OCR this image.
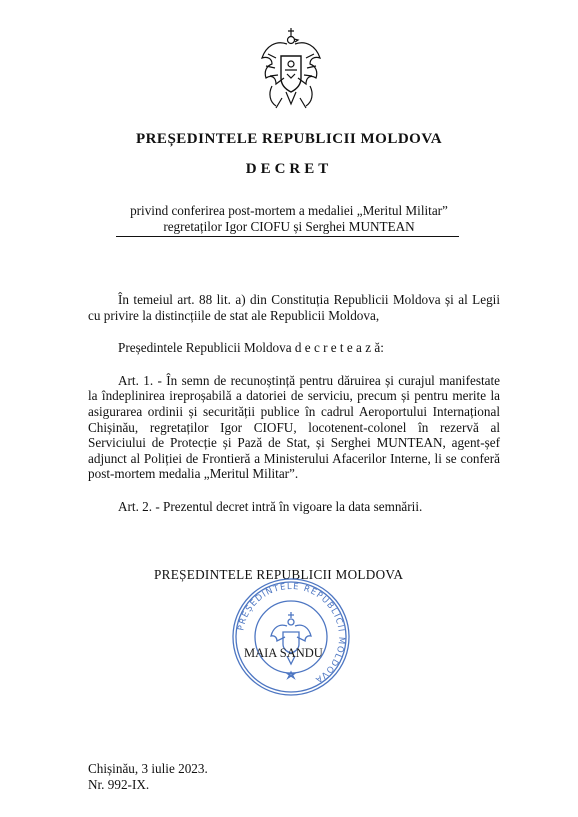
PREȘEDINTELE REPUBLICII MOLDOVA
DECRET
privind conferirea post-mortem a medaliei „Meritul Militar”
regretaților Igor CIOFU și Serghei MUNTEAN

În temeiul art. 88 lit. a) din Constituția Republicii Moldova și al Legii cu privire la distincțiile de stat ale Republicii Moldova,

Președintele Republicii Moldova d e c r e t e a z ă:

Art. 1. - În semn de recunoștință pentru dăruirea și curajul manifestate la îndeplinirea ireproșabilă a datoriei de serviciu, precum și pentru merite la asigurarea ordinii și securității publice în cadrul Aeroportului Internațional Chișinău, regretaților Igor CIOFU, locotenent-colonel în rezervă al Serviciului de Protecție și Pază de Stat, și Serghei MUNTEAN, agent-șef adjunct al Poliției de Frontieră a Ministerului Afacerilor Interne, li se conferă post-mortem medalia „Meritul Militar”.

Art. 2. - Prezentul decret intră în vigoare la data semnării.

PREȘEDINTELE REPUBLICII MOLDOVA
PREȘEDINTELE REPUBLICII MOLDOVA
MAIA SANDU
Chișinău, 3 iulie 2023.
Nr. 992-IX.
